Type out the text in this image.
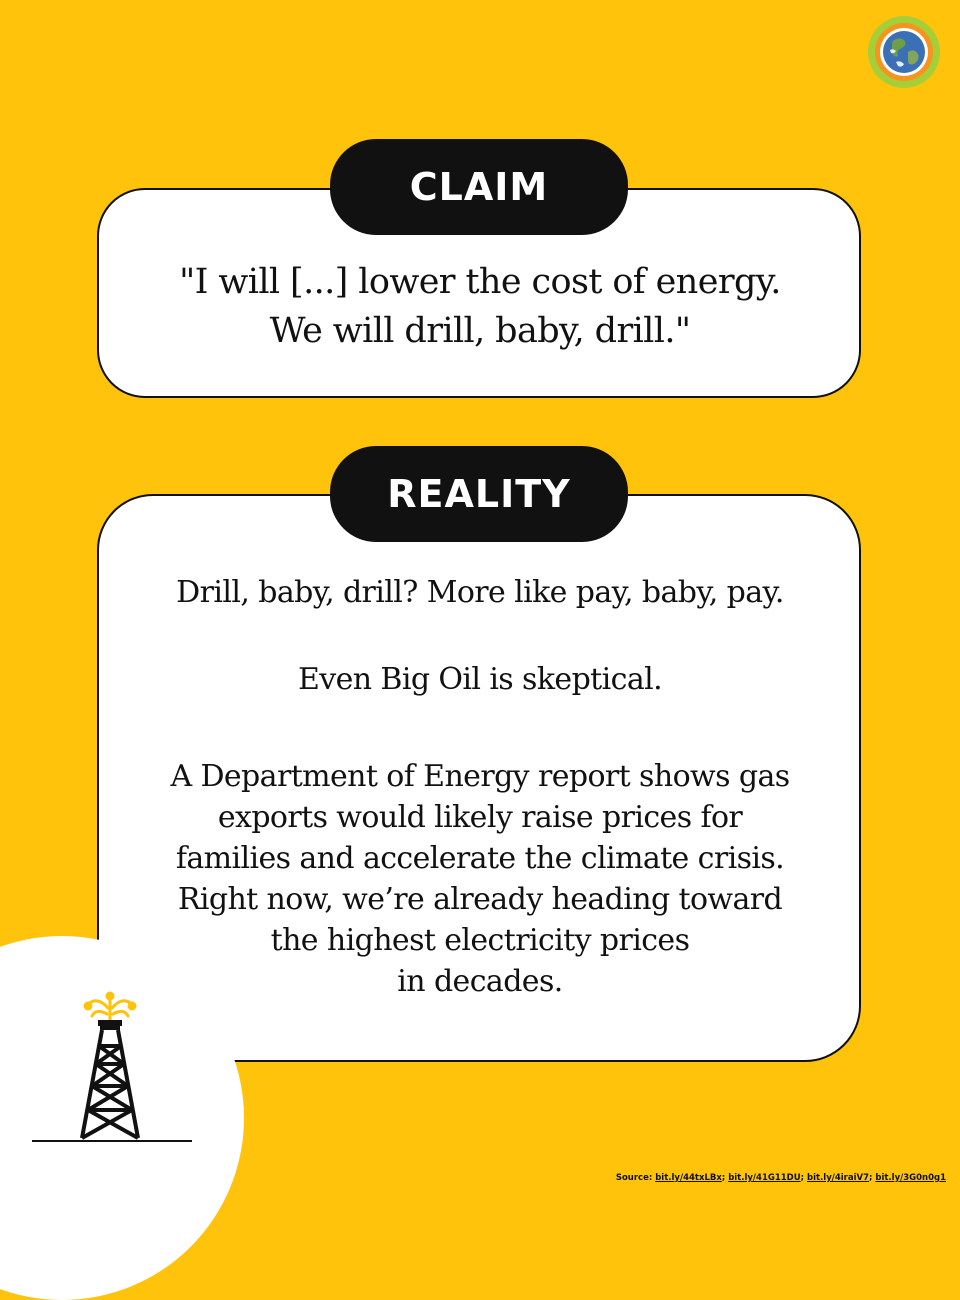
CLAIM
"I will [...] lower the cost of energy.
We will drill, baby, drill."
REALITY

Drill, baby, drill? More like pay, baby, pay.

Even Big Oil is skeptical.

A Department of Energy report shows gas
exports would likely raise prices for
families and accelerate the climate crisis.
Right now, we’re already heading toward
the highest electricity prices
in decades.

Source: bit.ly/44txLBx; bit.ly/41G11DU; bit.ly/4iraiV7; bit.ly/3G0n0g1
